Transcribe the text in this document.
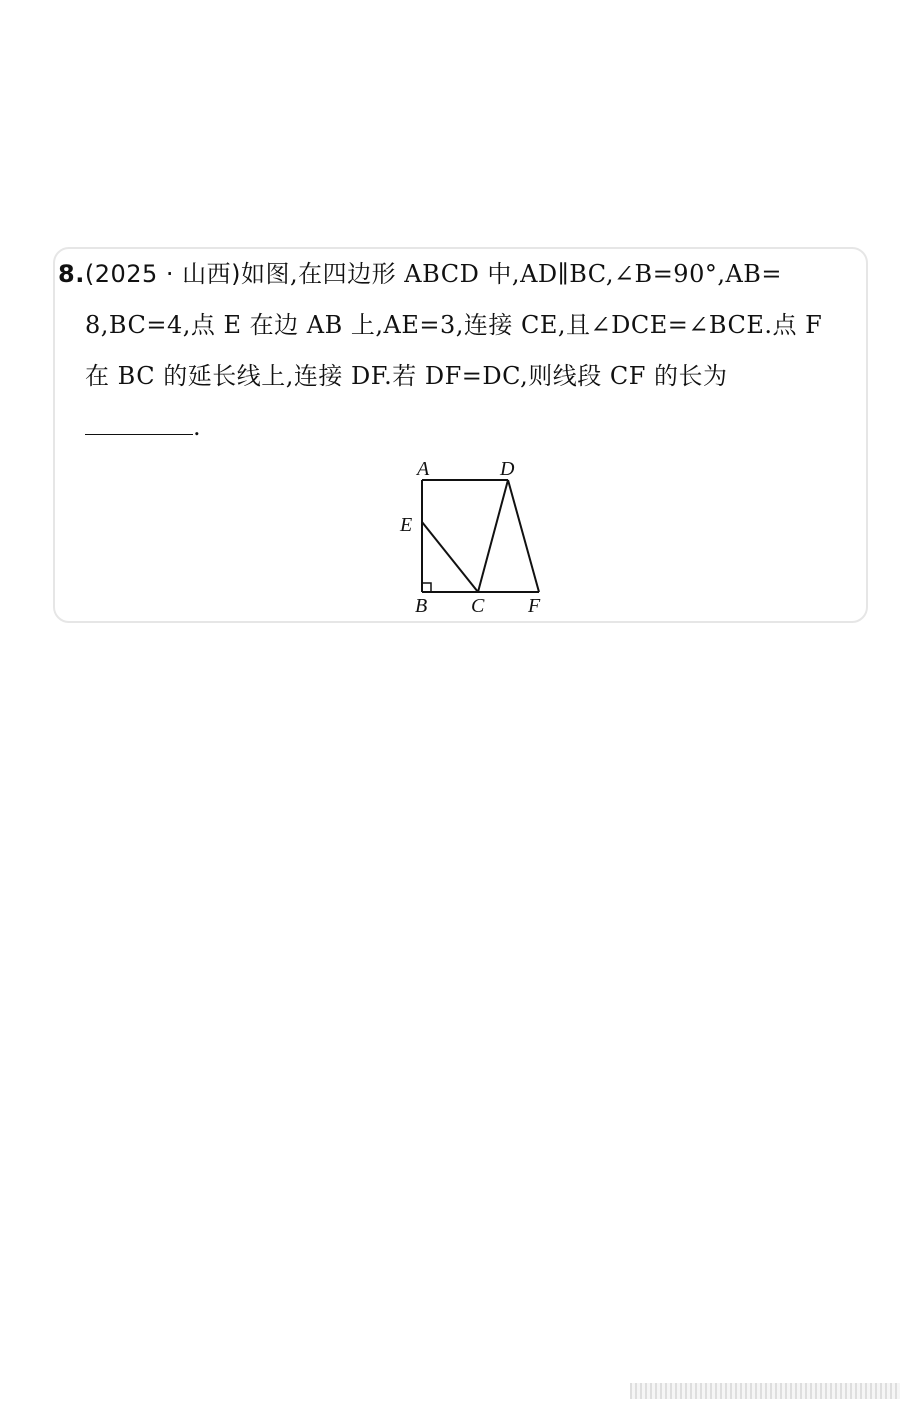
8.(2025 · 山西)如图,在四边形 ABCD 中,AD∥BC,∠B=90°,AB=
8,BC=4,点 E 在边 AB 上,AE=3,连接 CE,且∠DCE=∠BCE.点 F
在 BC 的延长线上,连接 DF.若 DF=DC,则线段 CF 的长为
.
A	D
E
B C F
